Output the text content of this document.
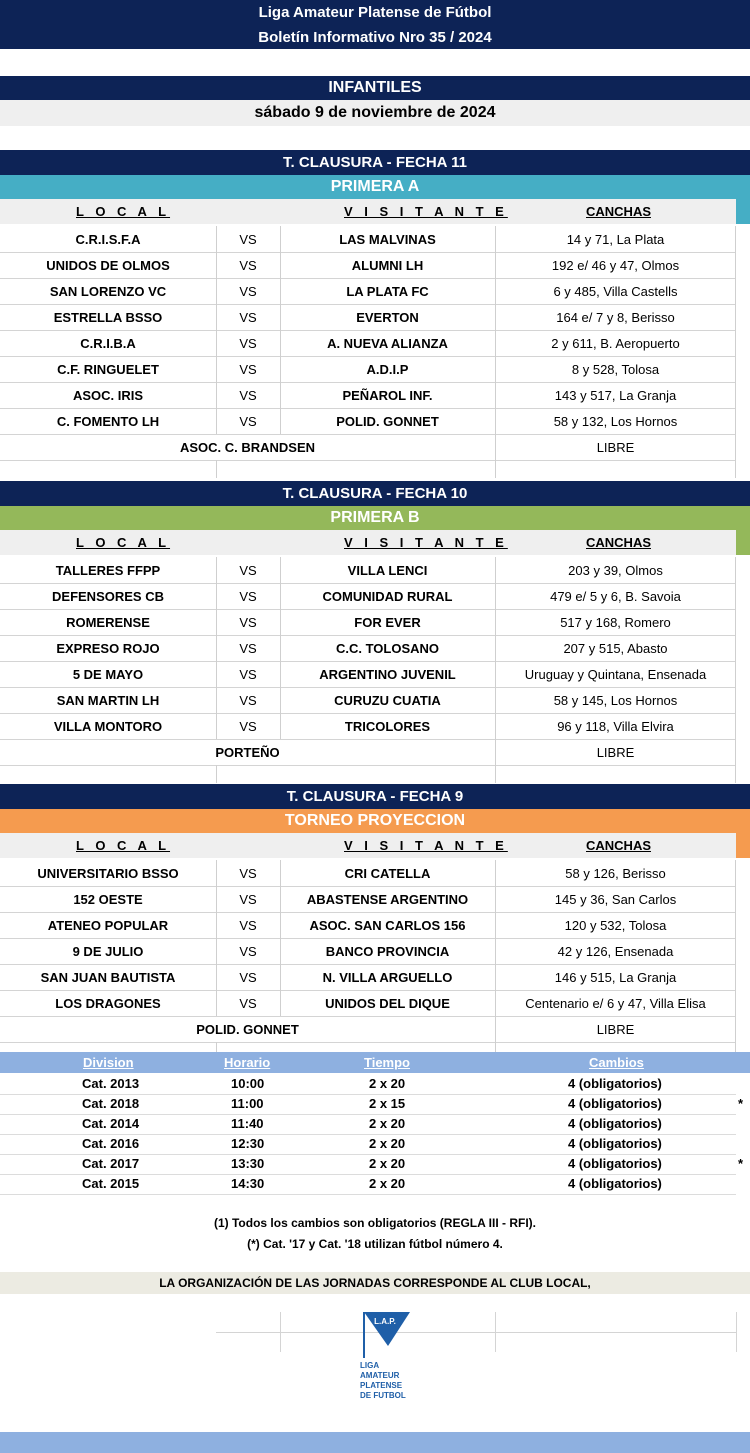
Liga Amateur Platense de Fútbol
Boletín Informativo Nro 35 / 2024
INFANTILES
sábado 9 de noviembre de 2024
T. CLAUSURA - FECHA 11
PRIMERA A
L O C A L	V I S I T A N T E	CANCHAS
C.R.I.S.F.A	VS	LAS MALVINAS	14 y 71, La Plata
UNIDOS DE OLMOS	VS	ALUMNI LH	192 e/ 46 y 47, Olmos
SAN LORENZO VC	VS	LA PLATA FC	6 y 485, Villa Castells
ESTRELLA BSSO	VS	EVERTON	164 e/ 7 y 8, Berisso
C.R.I.B.A	VS	A. NUEVA ALIANZA	2 y 611, B. Aeropuerto
C.F. RINGUELET	VS	A.D.I.P	8 y 528, Tolosa
ASOC. IRIS	VS	PEÑAROL INF.	143 y 517, La Granja
C. FOMENTO LH	VS	POLID. GONNET	58 y 132, Los Hornos
ASOC. C. BRANDSEN	LIBRE
T. CLAUSURA - FECHA 10
PRIMERA B
L O C A L	V I S I T A N T E	CANCHAS
TALLERES FFPP	VS	VILLA LENCI	203 y 39, Olmos
DEFENSORES CB	VS	COMUNIDAD RURAL	479 e/ 5 y 6, B. Savoia
ROMERENSE	VS	FOR EVER	517 y 168, Romero
EXPRESO ROJO	VS	C.C. TOLOSANO	207 y 515, Abasto
5 DE MAYO	VS	ARGENTINO JUVENIL	Uruguay y Quintana, Ensenada
SAN MARTIN LH	VS	CURUZU CUATIA	58 y 145, Los Hornos
VILLA MONTORO	VS	TRICOLORES	96 y 118, Villa Elvira
PORTEÑO	LIBRE
T. CLAUSURA - FECHA 9
TORNEO PROYECCION
L O C A L	V I S I T A N T E	CANCHAS
UNIVERSITARIO BSSO	VS	CRI CATELLA	58 y 126, Berisso
152 OESTE	VS	ABASTENSE ARGENTINO	145 y 36, San Carlos
ATENEO POPULAR	VS	ASOC. SAN CARLOS 156	120 y 532, Tolosa
9 DE JULIO	VS	BANCO PROVINCIA	42 y 126, Ensenada
SAN JUAN BAUTISTA	VS	N. VILLA ARGUELLO	146 y 515, La Granja
LOS DRAGONES	VS	UNIDOS DEL DIQUE	Centenario e/ 6 y 47, Villa Elisa
POLID. GONNET	LIBRE
Division	Horario	Tiempo	Cambios
Cat. 2013	10:00	2 x 20	4 (obligatorios)
Cat. 2018	11:00	2 x 15	4 (obligatorios)	*
Cat. 2014	11:40	2 x 20	4 (obligatorios)
Cat. 2016	12:30	2 x 20	4 (obligatorios)
Cat. 2017	13:30	2 x 20	4 (obligatorios)	*
Cat. 2015	14:30	2 x 20	4 (obligatorios)
(1) Todos los cambios son obligatorios (REGLA III - RFI).
(*) Cat. '17 y Cat. '18 utilizan fútbol número 4.
LA ORGANIZACIÓN DE LAS JORNADAS CORRESPONDE AL CLUB LOCAL,
L.A.P.
LIGA
AMATEUR
PLATENSE
DE FUTBOL
